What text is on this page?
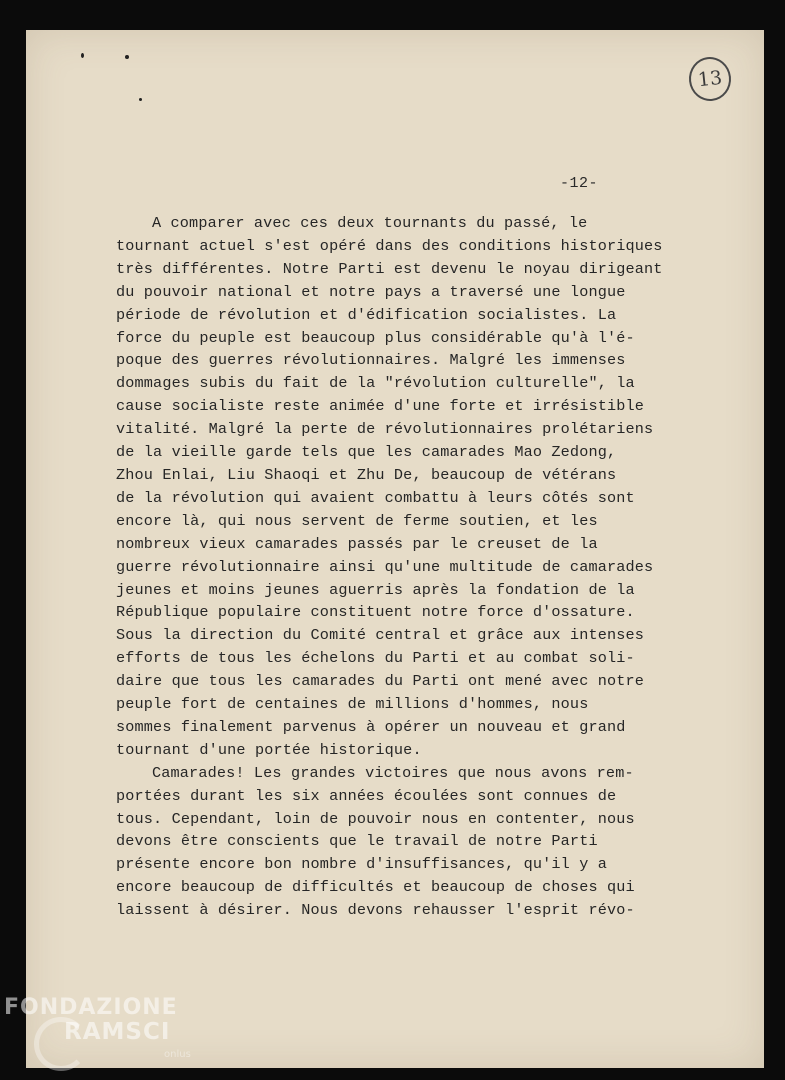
13
-12-
A comparer avec ces deux tournants du passé, le
tournant actuel s'est opéré dans des conditions historiques
très différentes. Notre Parti est devenu le noyau dirigeant
du pouvoir national et notre pays a traversé une longue
période de révolution et d'édification socialistes. La
force du peuple est beaucoup plus considérable qu'à l'é-
poque des guerres révolutionnaires. Malgré les immenses
dommages subis du fait de la "révolution culturelle", la
cause socialiste reste animée d'une forte et irrésistible
vitalité. Malgré la perte de révolutionnaires prolétariens
de la vieille garde tels que les camarades Mao Zedong,
Zhou Enlai, Liu Shaoqi et Zhu De, beaucoup de vétérans
de la révolution qui avaient combattu à leurs côtés sont
encore là, qui nous servent de ferme soutien, et les
nombreux vieux camarades passés par le creuset de la
guerre révolutionnaire ainsi qu'une multitude de camarades
jeunes et moins jeunes aguerris après la fondation de la
République populaire constituent notre force d'ossature.
Sous la direction du Comité central et grâce aux intenses
efforts de tous les échelons du Parti et au combat soli-
daire que tous les camarades du Parti ont mené avec notre
peuple fort de centaines de millions d'hommes, nous
sommes finalement parvenus à opérer un nouveau et grand
tournant d'une portée historique.
Camarades! Les grandes victoires que nous avons rem-
portées durant les six années écoulées sont connues de
tous. Cependant, loin de pouvoir nous en contenter, nous
devons être conscients que le travail de notre Parti
présente encore bon nombre d'insuffisances, qu'il y a
encore beaucoup de difficultés et beaucoup de choses qui
laissent à désirer. Nous devons rehausser l'esprit révo-
FONDAZIONE
RAMSCI
onlus
